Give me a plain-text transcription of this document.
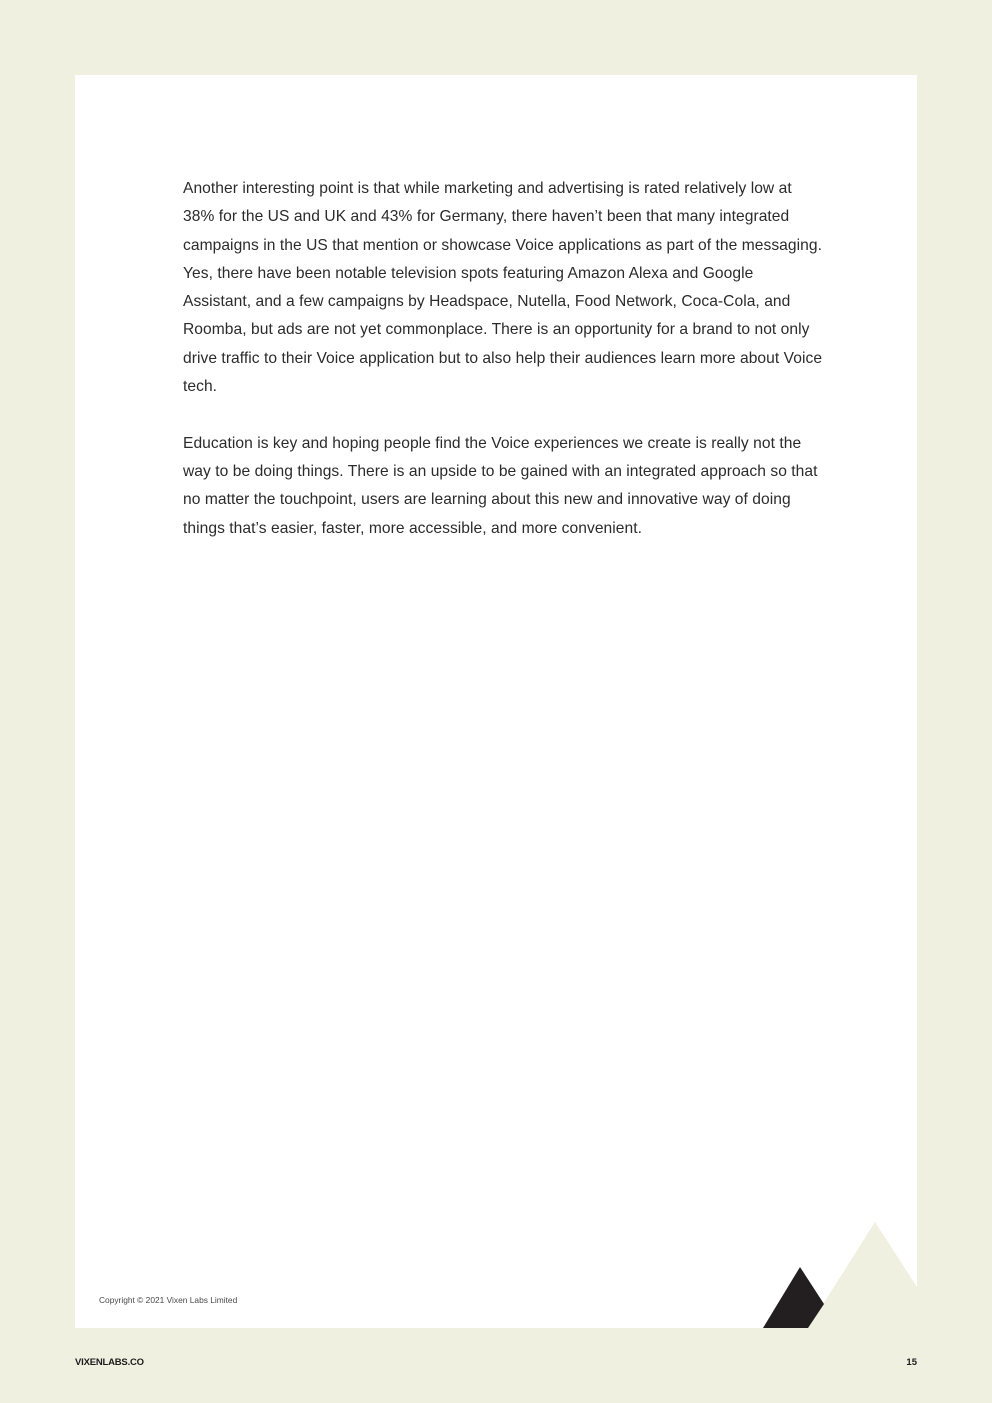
Another interesting point is that while marketing and advertising is rated relatively low at 38% for the US and UK and 43% for Germany, there haven’t been that many integrated campaigns in the US that mention or showcase Voice applications as part of the messaging. Yes, there have been notable television spots featuring Amazon Alexa and Google Assistant, and a few campaigns by Headspace, Nutella, Food Network, Coca-Cola, and Roomba, but ads are not yet commonplace. There is an opportunity for a brand to not only drive traffic to their Voice application but to also help their audiences learn more about Voice tech.

Education is key and hoping people find the Voice experiences we create is really not the way to be doing things. There is an upside to be gained with an integrated approach so that no matter the touchpoint, users are learning about this new and innovative way of doing things that’s easier, faster, more accessible, and more convenient.

Copyright © 2021 Vixen Labs Limited
VIXENLABS.CO	15
